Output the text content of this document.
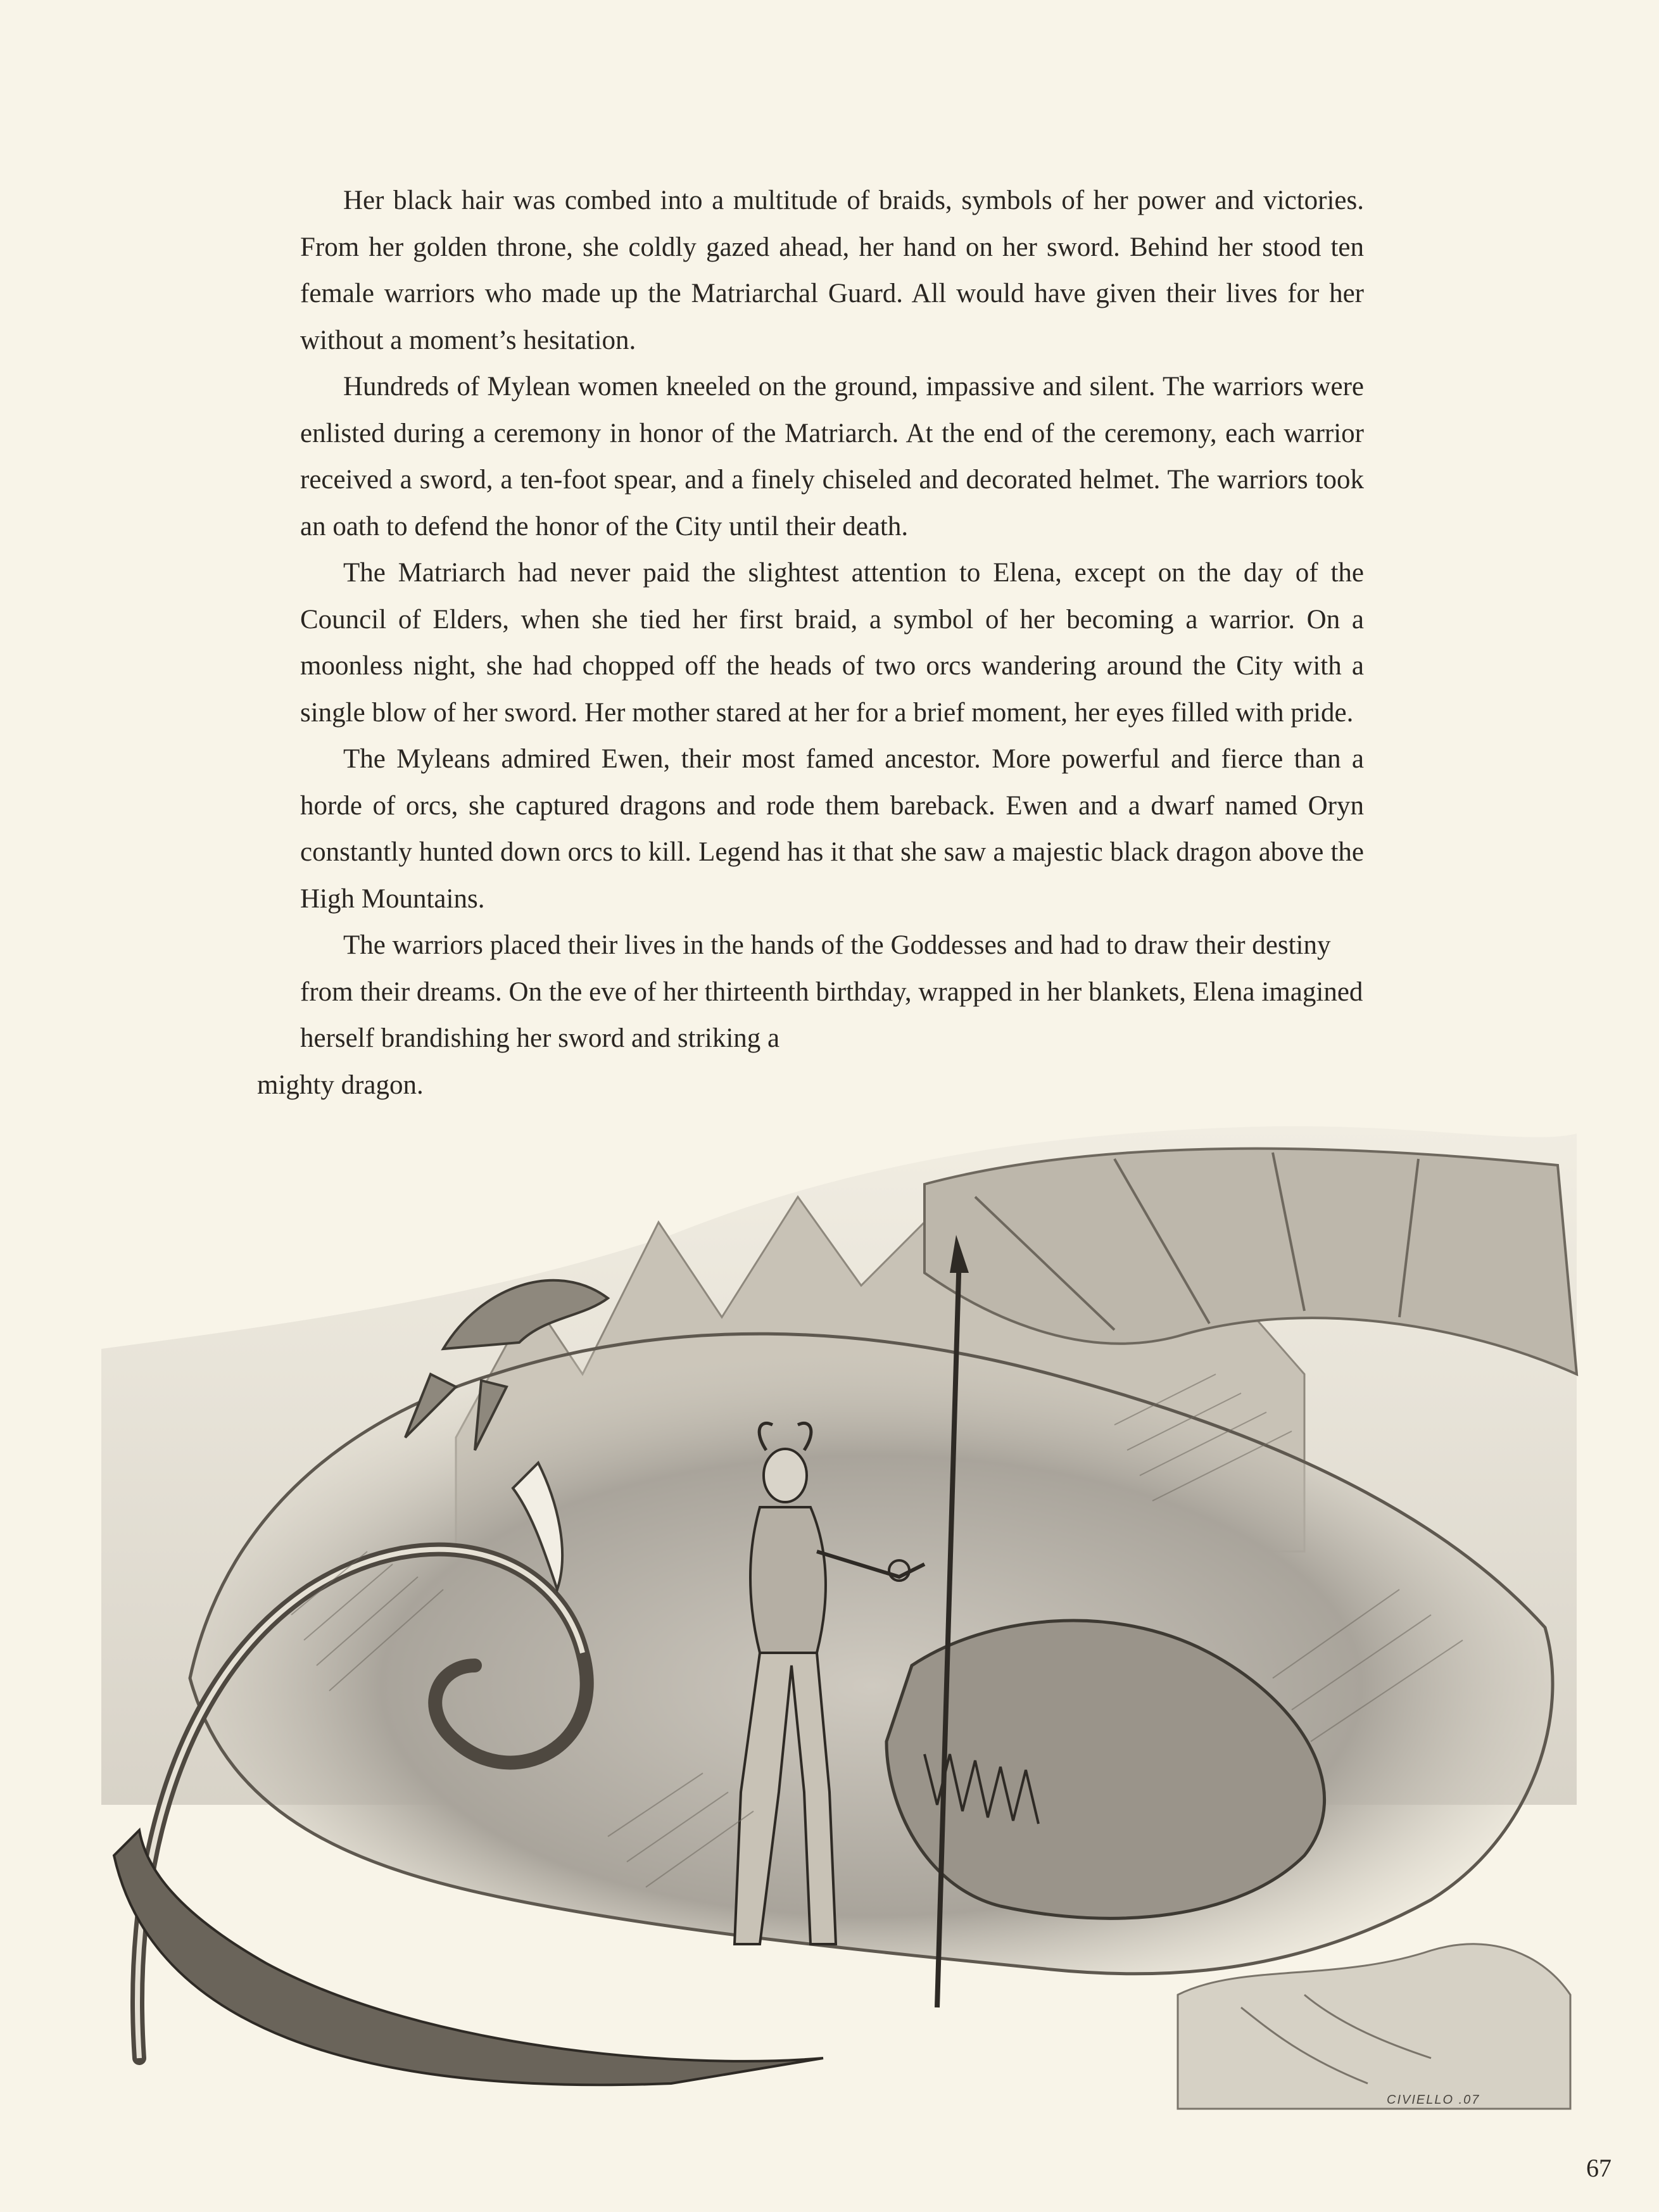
Her black hair was combed into a multitude of braids, symbols of her power and victories. From her golden throne, she coldly gazed ahead, her hand on her sword. Behind her stood ten female warriors who made up the Matriarchal Guard. All would have given their lives for her without a moment’s hesitation.

Hundreds of Mylean women kneeled on the ground, impassive and silent. The warriors were enlisted during a ceremony in honor of the Matriarch. At the end of the ceremony, each warrior received a sword, a ten-foot spear, and a finely chiseled and decorated helmet. The warriors took an oath to defend the honor of the City until their death.

The Matriarch had never paid the slightest attention to Elena, except on the day of the Council of Elders, when she tied her first braid, a symbol of her becoming a warrior. On a moonless night, she had chopped off the heads of two orcs wandering around the City with a single blow of her sword. Her mother stared at her for a brief moment, her eyes filled with pride.

The Myleans admired Ewen, their most famed ancestor. More powerful and fierce than a horde of orcs, she captured dragons and rode them bareback. Ewen and a dwarf named Oryn constantly hunted down orcs to kill. Legend has it that she saw a majestic black dragon above the High Mountains.

The warriors placed their lives in the hands of the Goddesses and had to draw their destiny from their dreams. On the eve of her thirteenth birthday, wrapped in her blankets, Elena imagined herself brandishing her sword and striking a
mighty dragon.

CIVIELLO .07
67
